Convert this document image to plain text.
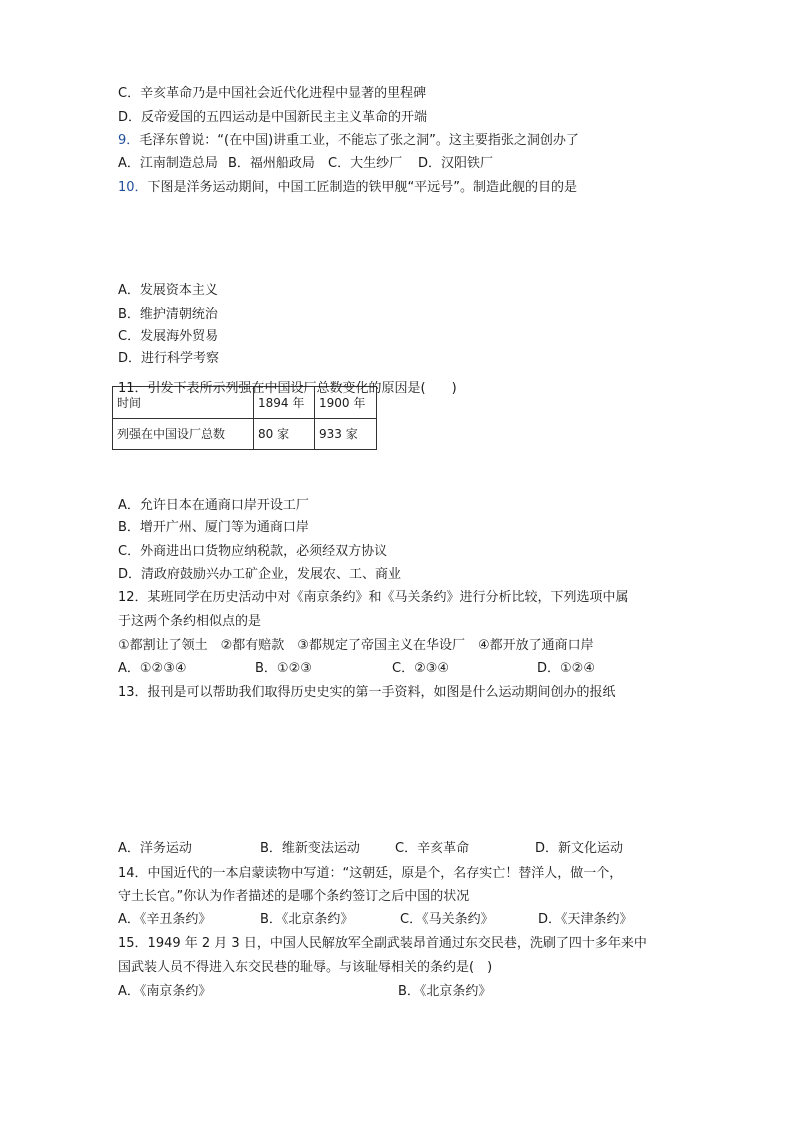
C．辛亥革命乃是中国社会近代化进程中显著的里程碑
D．反帝爱国的五四运动是中国新民主主义革命的开端
9．毛泽东曾说：“(在中国)讲重工业，不能忘了张之洞”。这主要指张之洞创办了
A．江南制造总局 B．福州船政局 C．大生纱厂 D．汉阳铁厂
10．下图是洋务运动期间，中国工匠制造的铁甲舰“平远号”。制造此舰的目的是
A．发展资本主义
B．维护清朝统治
C．发展海外贸易
D．进行科学考察
11．引发下表所示列强在中国设厂总数变化的原因是(　　)
时间	1894 年	1900 年
列强在中国设厂总数	80 家	933 家
A．允许日本在通商口岸开设工厂
B．增开广州、厦门等为通商口岸
C．外商进出口货物应纳税款，必须经双方协议
D．清政府鼓励兴办工矿企业，发展农、工、商业
12．某班同学在历史活动中对《南京条约》和《马关条约》进行分析比较，下列选项中属
于这两个条约相似点的是
①都割让了领土　②都有赔款　③都规定了帝国主义在华设厂　④都开放了通商口岸
A．①②③④	B．①②③	C．②③④	D．①②④
13．报刊是可以帮助我们取得历史史实的第一手资料，如图是什么运动期间创办的报纸
A．洋务运动	B．维新变法运动	C．辛亥革命	D．新文化运动
14．中国近代的一本启蒙读物中写道：“这朝廷，原是个，名存实亡！替洋人，做一个，
守土长官。”你认为作者描述的是哪个条约签订之后中国的状况
A．《辛丑条约》	B．《北京条约》	C．《马关条约》	D．《天津条约》
15．1949 年 2 月 3 日，中国人民解放军全副武装昂首通过东交民巷，洗刷了四十多年来中
国武装人员不得进入东交民巷的耻辱。与该耻辱相关的条约是(　)
A．《南京条约》	B．《北京条约》
